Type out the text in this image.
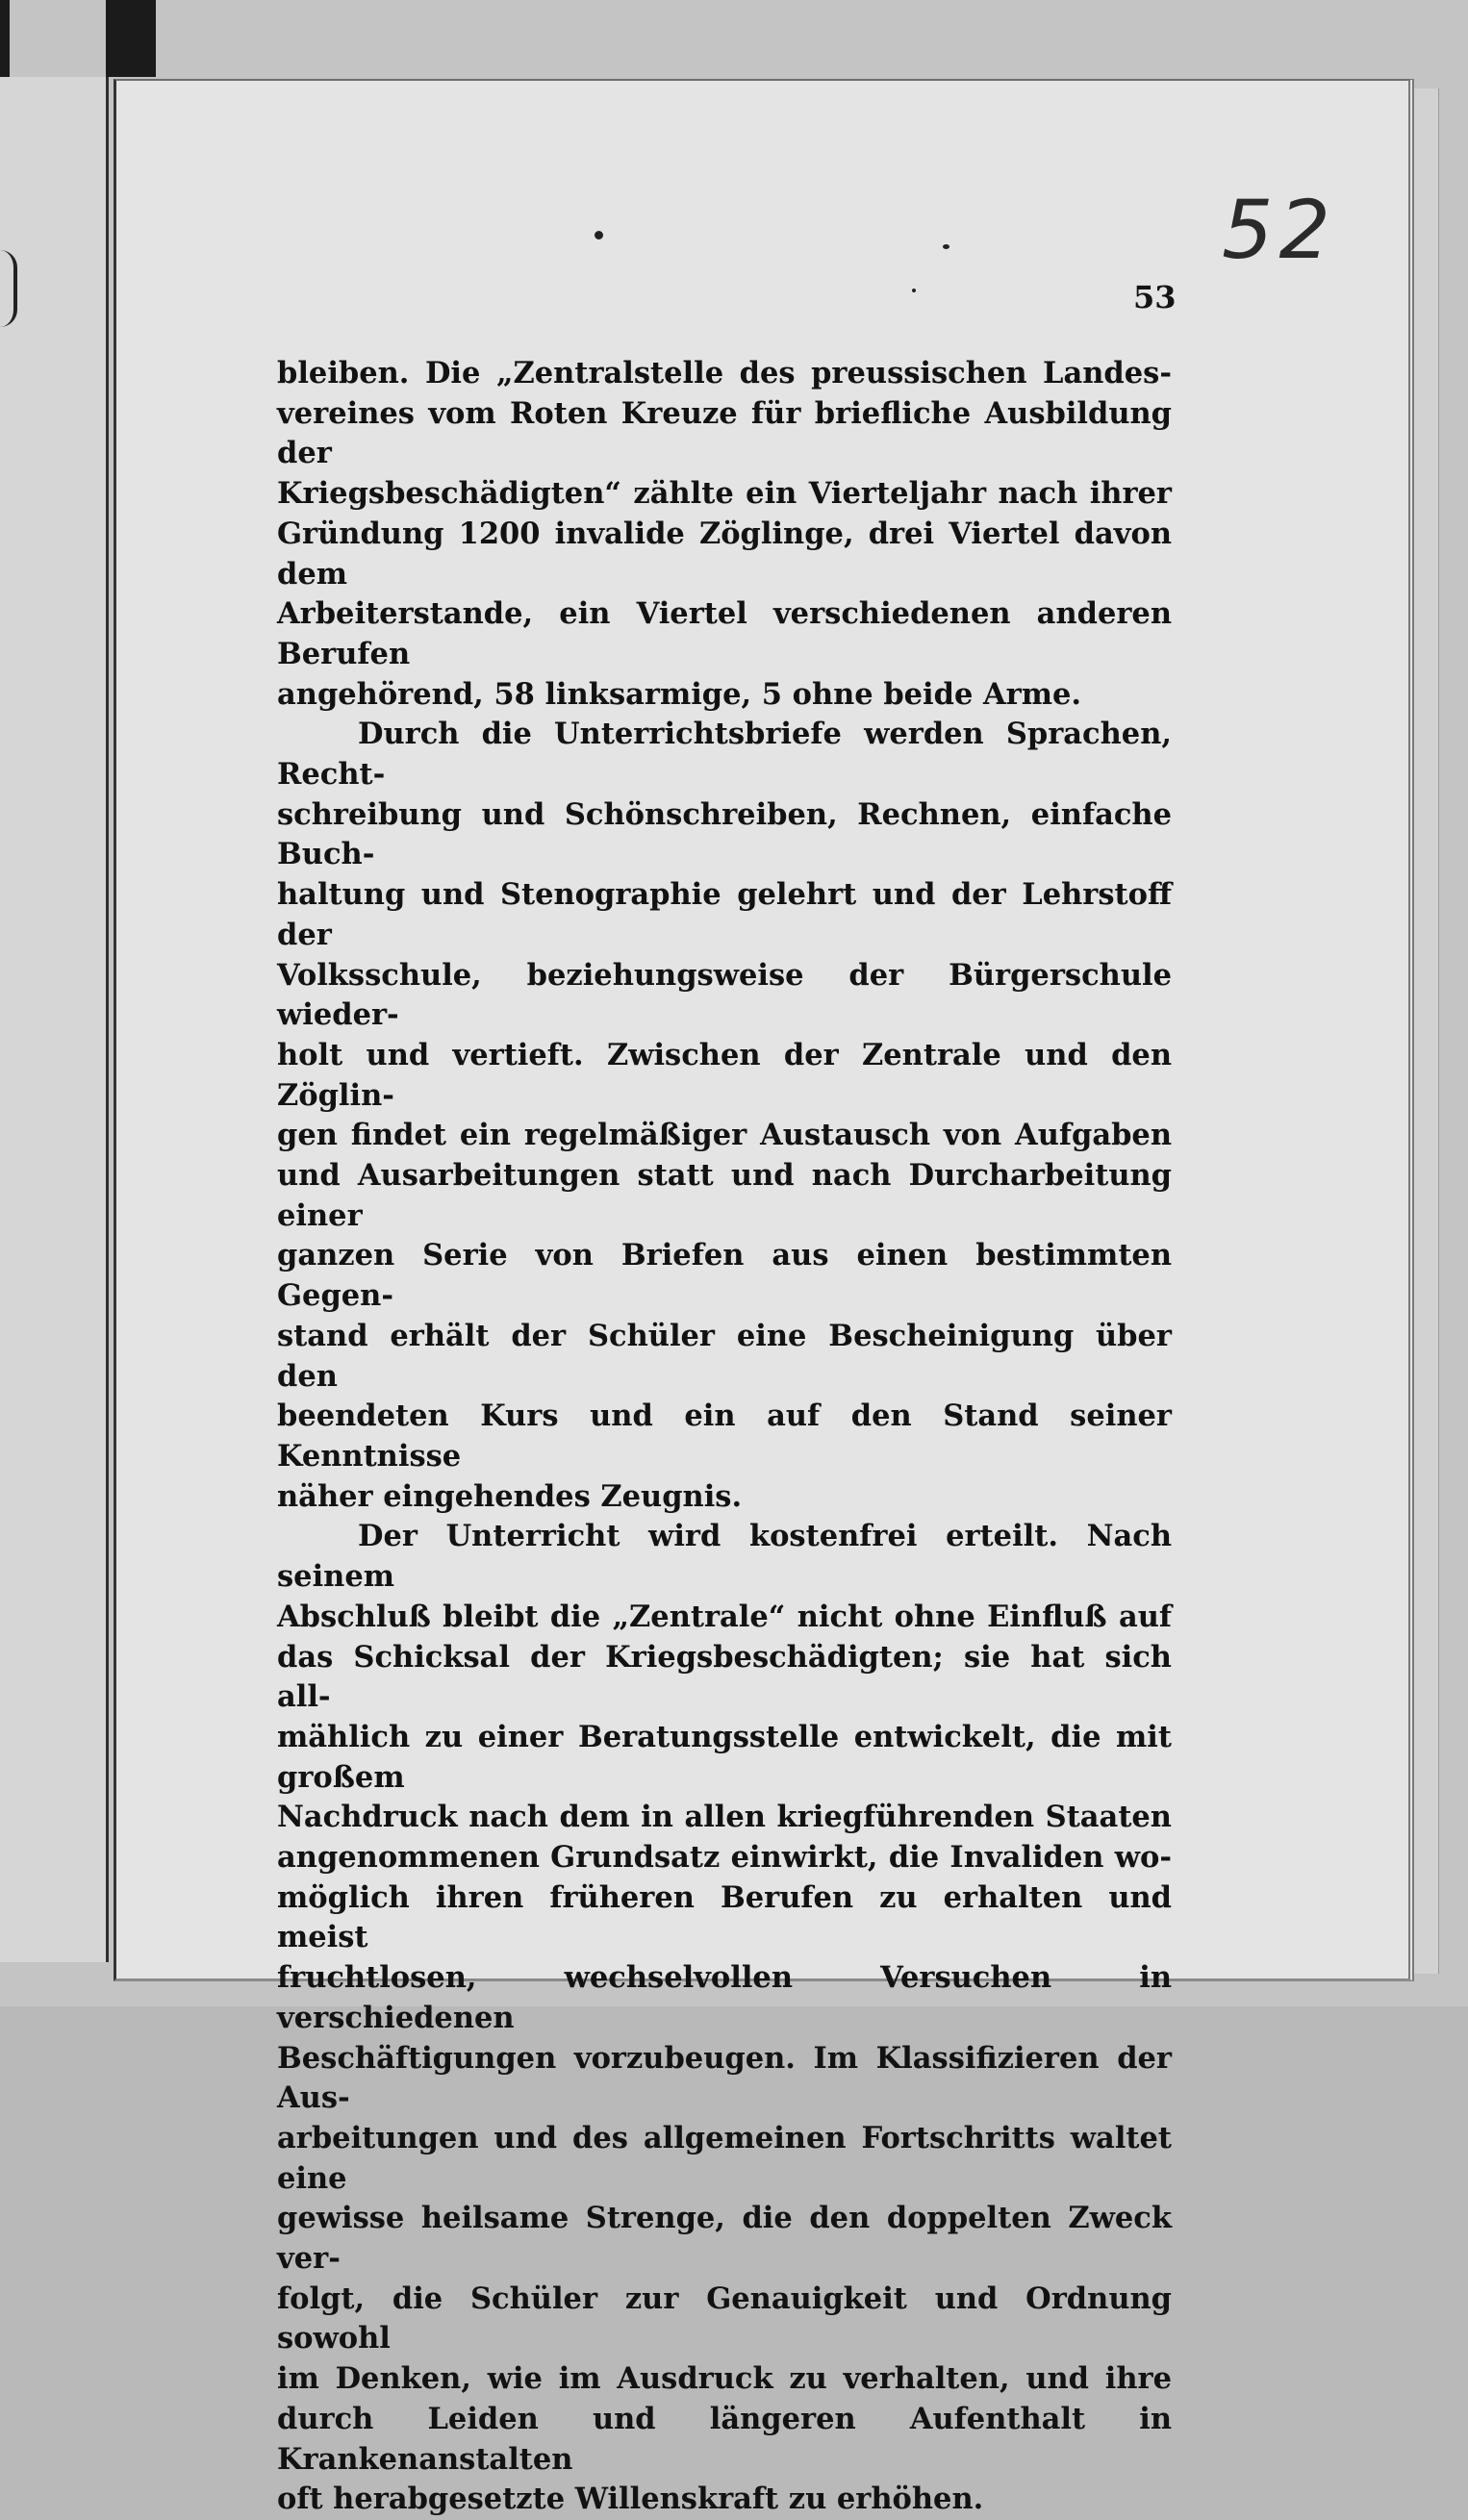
52
53

bleiben. Die „Zentralstelle des preussischen Landes-

vereines vom Roten Kreuze für briefliche Ausbildung der

Kriegsbeschädigten“ zählte ein Vierteljahr nach ihrer

Gründung 1200 invalide Zöglinge, drei Viertel davon dem

Arbeiterstande, ein Viertel verschiedenen anderen Berufen

angehörend, 58 linksarmige, 5 ohne beide Arme.

Durch die Unterrichtsbriefe werden Sprachen, Recht-

schreibung und Schönschreiben, Rechnen, einfache Buch-

haltung und Stenographie gelehrt und der Lehrstoff der

Volksschule, beziehungsweise der Bürgerschule wieder-

holt und vertieft. Zwischen der Zentrale und den Zöglin-

gen findet ein regelmäßiger Austausch von Aufgaben

und Ausarbeitungen statt und nach Durcharbeitung einer

ganzen Serie von Briefen aus einen bestimmten Gegen-

stand erhält der Schüler eine Bescheinigung über den

beendeten Kurs und ein auf den Stand seiner Kenntnisse

näher eingehendes Zeugnis.

Der Unterricht wird kostenfrei erteilt. Nach seinem

Abschluß bleibt die „Zentrale“ nicht ohne Einfluß auf

das Schicksal der Kriegsbeschädigten; sie hat sich all-

mählich zu einer Beratungsstelle entwickelt, die mit großem

Nachdruck nach dem in allen kriegführenden Staaten

angenommenen Grundsatz einwirkt, die Invaliden wo-

möglich ihren früheren Berufen zu erhalten und meist

fruchtlosen, wechselvollen Versuchen in verschiedenen

Beschäftigungen vorzubeugen. Im Klassifizieren der Aus-

arbeitungen und des allgemeinen Fortschritts waltet eine

gewisse heilsame Strenge, die den doppelten Zweck ver-

folgt, die Schüler zur Genauigkeit und Ordnung sowohl

im Denken, wie im Ausdruck zu verhalten, und ihre

durch Leiden und längeren Aufenthalt in Krankenanstalten

oft herabgesetzte Willenskraft zu erhöhen.
